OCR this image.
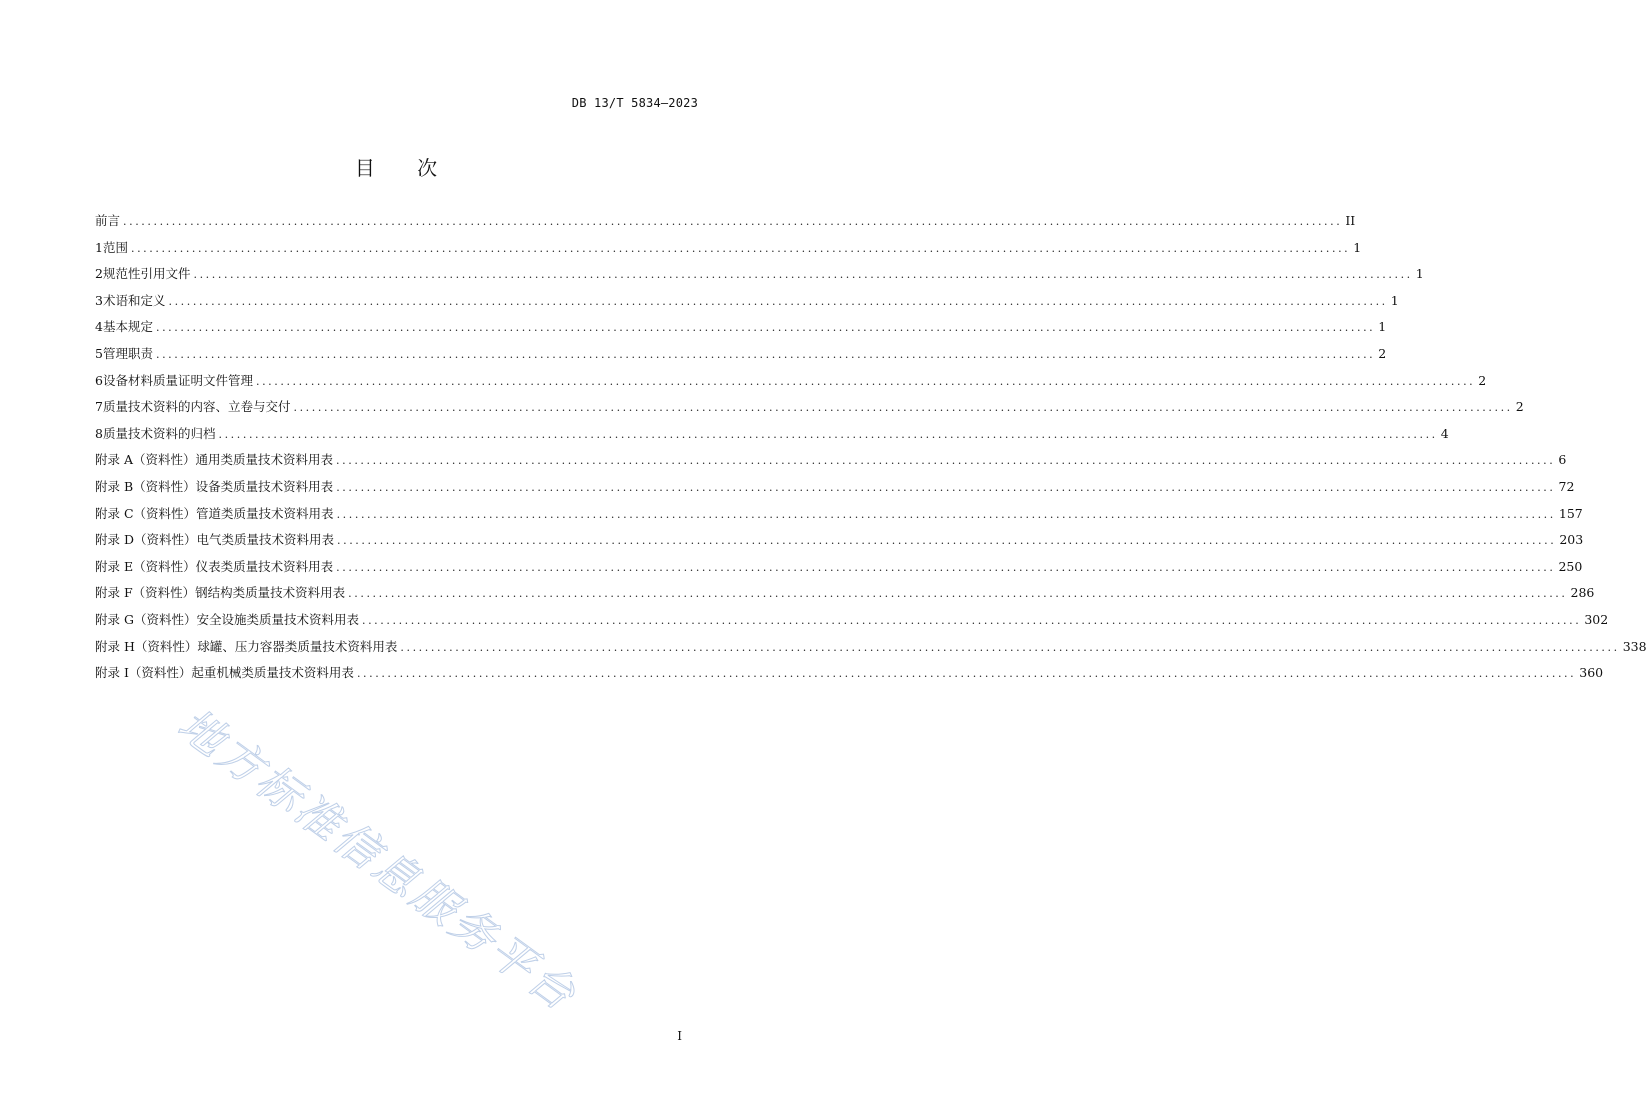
DB 13/T 5834—2023
目 次
前言 ........................................................................................................................................................................................................ II
1 范围 ........................................................................................................................................................................................................ 1
2 规范性引用文件 ........................................................................................................................................................................................................ 1
3 术语和定义 ........................................................................................................................................................................................................ 1
4 基本规定 ........................................................................................................................................................................................................ 1
5 管理职责 ........................................................................................................................................................................................................ 2
6 设备材料质量证明文件管理 ........................................................................................................................................................................................................ 2
7 质量技术资料的内容、立卷与交付 ........................................................................................................................................................................................................ 2
8 质量技术资料的归档 ........................................................................................................................................................................................................ 4
附录 A（资料性） 通用类质量技术资料用表 ........................................................................................................................................................................................................ 6
附录 B（资料性） 设备类质量技术资料用表 ........................................................................................................................................................................................................ 72
附录 C（资料性） 管道类质量技术资料用表 ........................................................................................................................................................................................................ 157
附录 D（资料性） 电气类质量技术资料用表 ........................................................................................................................................................................................................ 203
附录 E（资料性） 仪表类质量技术资料用表 ........................................................................................................................................................................................................ 250
附录 F（资料性） 钢结构类质量技术资料用表 ........................................................................................................................................................................................................ 286
附录 G（资料性） 安全设施类质量技术资料用表 ........................................................................................................................................................................................................ 302
附录 H（资料性） 球罐、压力容器类质量技术资料用表 ........................................................................................................................................................................................................ 338
附录 I（资料性） 起重机械类质量技术资料用表 ........................................................................................................................................................................................................ 360
地方标准信息服务平台
I
